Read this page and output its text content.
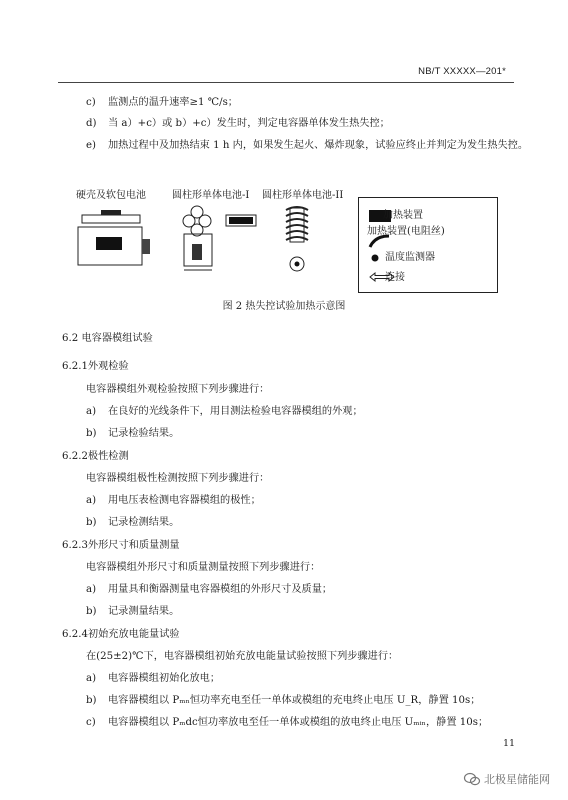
NB/T XXXXX—201*
c) 监测点的温升速率≥1 ℃/s；
d) 当 a）+c）或 b）+c）发生时，判定电容器单体发生热失控；
e) 加热过程中及加热结束 1 h 内，如果发生起火、爆炸现象，试验应终止并判定为发生热失控。
硬壳及软包电池	圆柱形单体电池-I 圆柱形单体电池-II
加热装置
加热装置(电阻丝)
温度监测器
连接
图 2 热失控试验加热示意图
6.2 电容器模组试验
6.2.1外观检验
电容器模组外观检验按照下列步骤进行：
a) 在良好的光线条件下，用目测法检验电容器模组的外观；
b) 记录检验结果。
6.2.2极性检测
电容器模组极性检测按照下列步骤进行：
a) 用电压表检测电容器模组的极性；
b) 记录检测结果。
6.2.3外形尺寸和质量测量
电容器模组外形尺寸和质量测量按照下列步骤进行：
a) 用量具和衡器测量电容器模组的外形尺寸及质量；
b) 记录测量结果。
6.2.4初始充放电能量试验
在(25±2)℃下，电容器模组初始充放电能量试验按照下列步骤进行：
a) 电容器模组初始化放电；
b) 电容器模组以 Pₘₙ恒功率充电至任一单体或模组的充电终止电压 U_R，静置 10s；
c) 电容器模组以 Pₘdc恒功率放电至任一单体或模组的放电终止电压 Uₘᵢₙ，静置 10s；
11
北极星储能网
